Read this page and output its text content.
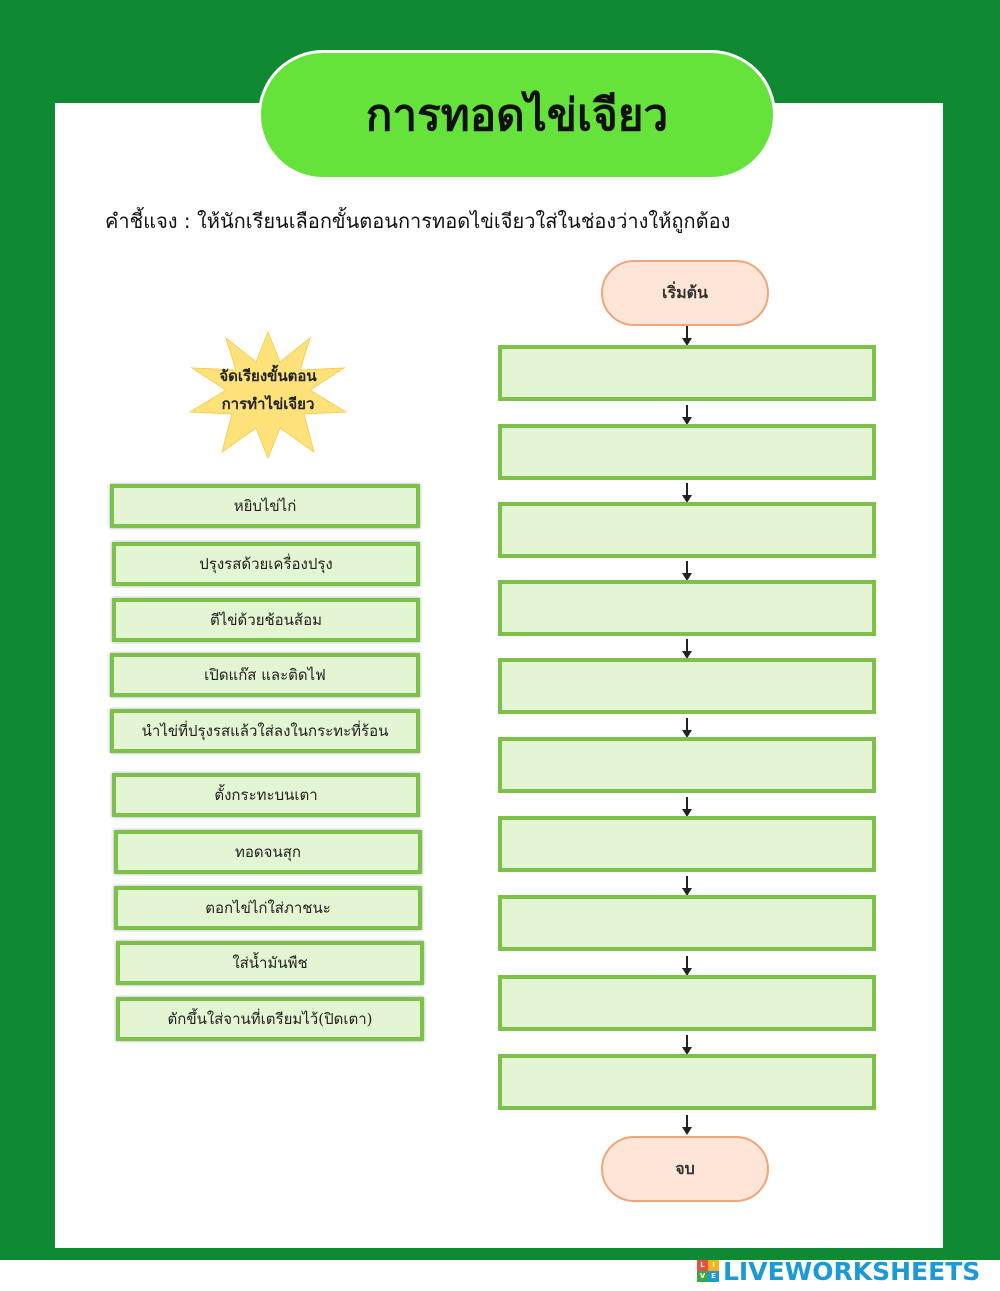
การทอดไข่เจียว
คำชี้แจง : ให้นักเรียนเลือกขั้นตอนการทอดไข่เจียวใส่ในช่องว่างให้ถูกต้อง
จัดเรียงขั้นตอน
การทำไข่เจียว
หยิบไข่ไก่
ปรุงรสด้วยเครื่องปรุง
ตีไข่ด้วยช้อนส้อม
เปิดแก๊ส และติดไฟ
นำไข่ที่ปรุงรสแล้วใส่ลงในกระทะที่ร้อน
ตั้งกระทะบนเตา
ทอดจนสุก
ตอกไข่ไก่ใส่ภาชนะ
ใส่น้ำมันพืช
ตักขึ้นใส่จานที่เตรียมไว้(ปิดเตา)
เริ่มต้น
จบ
L	I
V E LIVEWORKSHEETS
